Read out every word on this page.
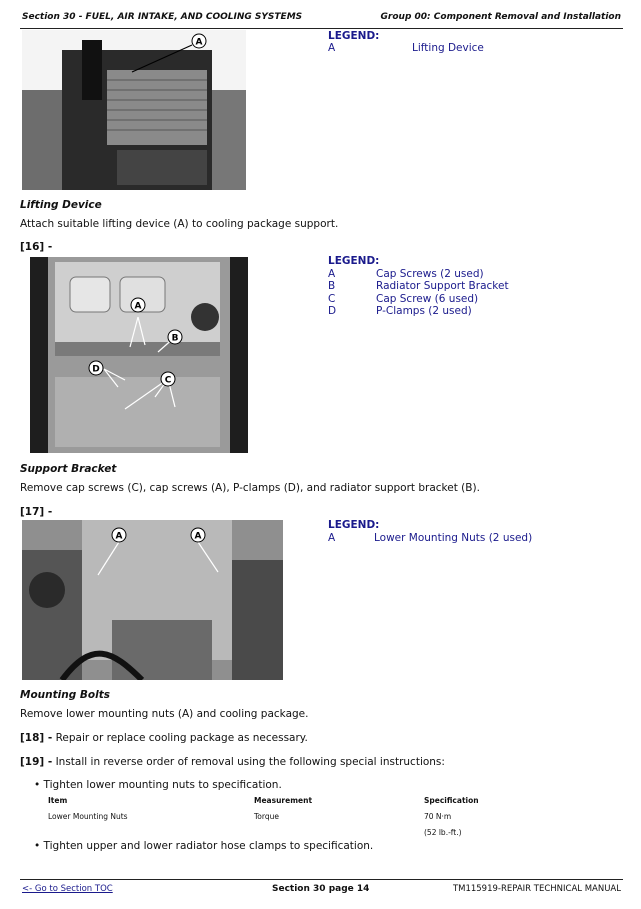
Section 30 - FUEL, AIR INTAKE, AND COOLING SYSTEMS	Group 00: Component Removal and Installation
A
LEGEND:
A	Lifting Device
Lifting Device
Attach suitable lifting device (A) to cooling package support.
[16] -
A
B
C
D
LEGEND:
A	Cap Screws (2 used)
B	Radiator Support Bracket
C	Cap Screw (6 used)
D	P-Clamps (2 used)
Support Bracket
Remove cap screws (C), cap screws (A), P-clamps (D), and radiator support bracket (B).
[17] -
A	A
LEGEND:
A	Lower Mounting Nuts (2 used)
Mounting Bolts
Remove lower mounting nuts (A) and cooling package.
[18] - Repair or replace cooling package as necessary.
[19] - Install in reverse order of removal using the following special instructions:
• Tighten lower mounting nuts to specification.
Item	Measurement	Specification
Lower Mounting Nuts	Torque	70 N·m
(52 lb.-ft.)
• Tighten upper and lower radiator hose clamps to specification.
<- Go to Section TOC	Section 30 page 14	TM115919-REPAIR TECHNICAL MANUAL
